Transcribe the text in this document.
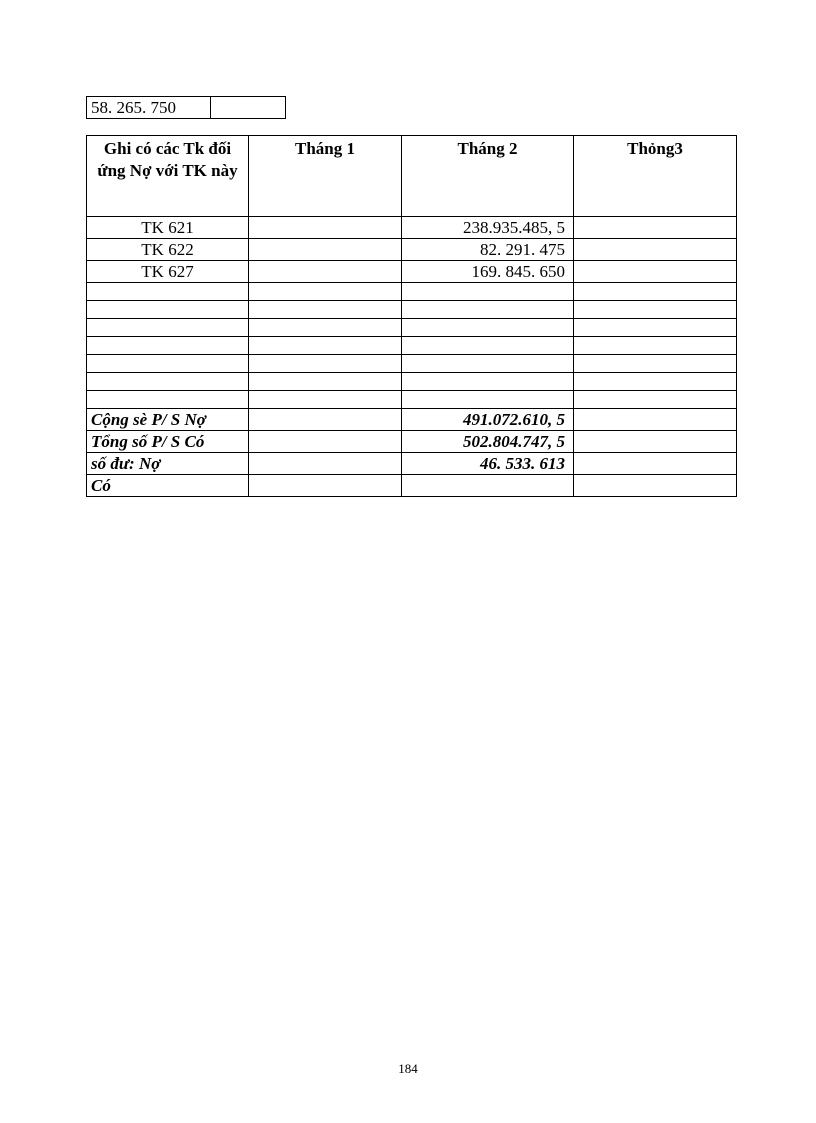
58. 265. 750	
Ghi có các Tk đối ứng Nợ với TK này	Tháng 1	Tháng 2	Thỏng3
TK 621		238.935.485, 5	
TK 622		82. 291. 475	
TK 627		169. 845. 650	

Cộng sè P/ S Nợ		491.072.610, 5	
Tổng số P/ S Có		502.804.747, 5	
số đư: Nợ		46. 533. 613	
Có			
184
